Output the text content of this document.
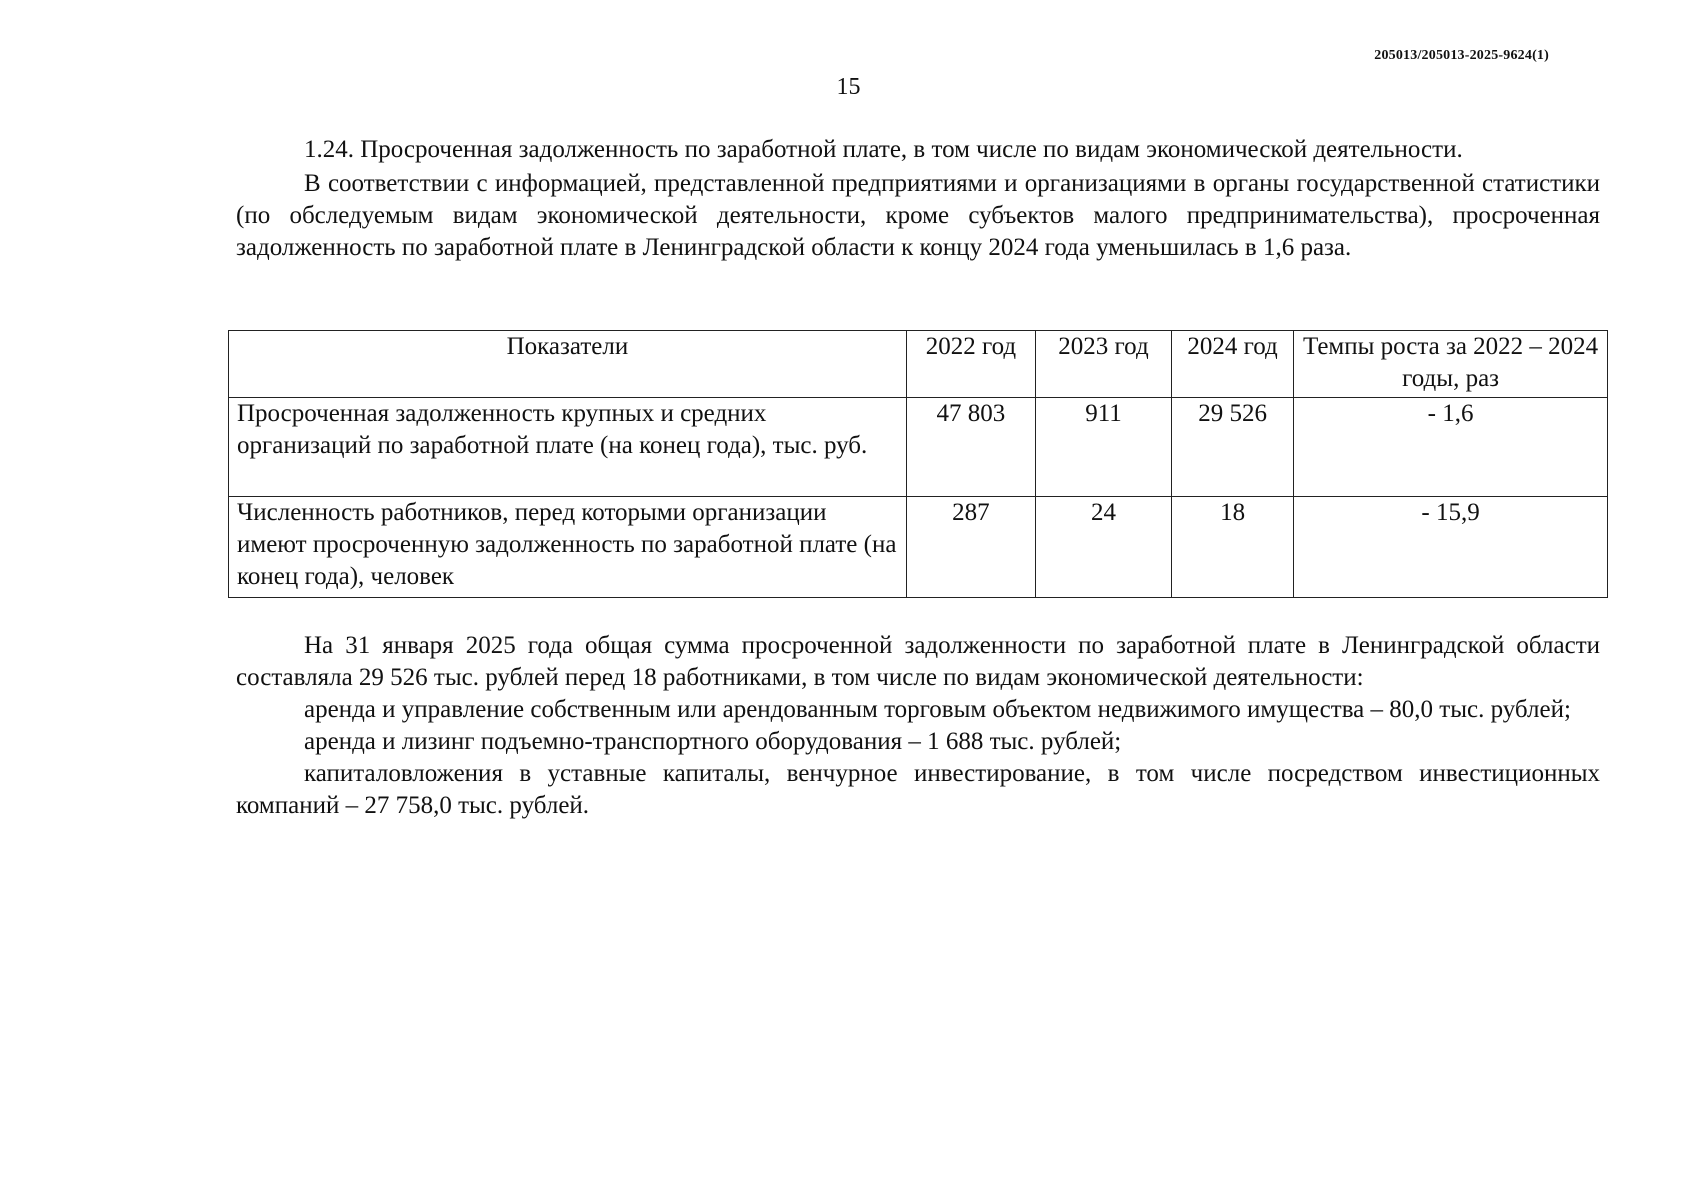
205013/205013-2025-9624(1)
15
1.24. Просроченная задолженность по заработной плате, в том числе по видам экономической деятельности.
В соответствии с информацией, представленной предприятиями и организациями в органы государственной статистики (по обследуемым видам экономической деятельности, кроме субъектов малого предпринимательства), просроченная задолженность по заработной плате в Ленинградской области к концу 2024 года уменьшилась в 1,6 раза.
Показатели	2022 год	2023 год	2024 год	Темпы роста за 2022 – 2024 годы, раз
Просроченная задолженность крупных и средних организаций по заработной плате (на конец года), тыс. руб.	47 803	911	29 526	- 1,6
Численность работников, перед которыми организации имеют просроченную задолженность по заработной плате (на конец года), человек	287	24	18	- 15,9

На 31 января 2025 года общая сумма просроченной задолженности по заработной плате в Ленинградской области составляла 29 526 тыс. рублей перед 18 работниками, в том числе по видам экономической деятельности:

аренда и управление собственным или арендованным торговым объектом недвижимого имущества – 80,0 тыс. рублей;

аренда и лизинг подъемно-транспортного оборудования – 1 688 тыс. рублей;

капиталовложения в уставные капиталы, венчурное инвестирование, в том числе посредством инвестиционных компаний – 27 758,0 тыс. рублей.
